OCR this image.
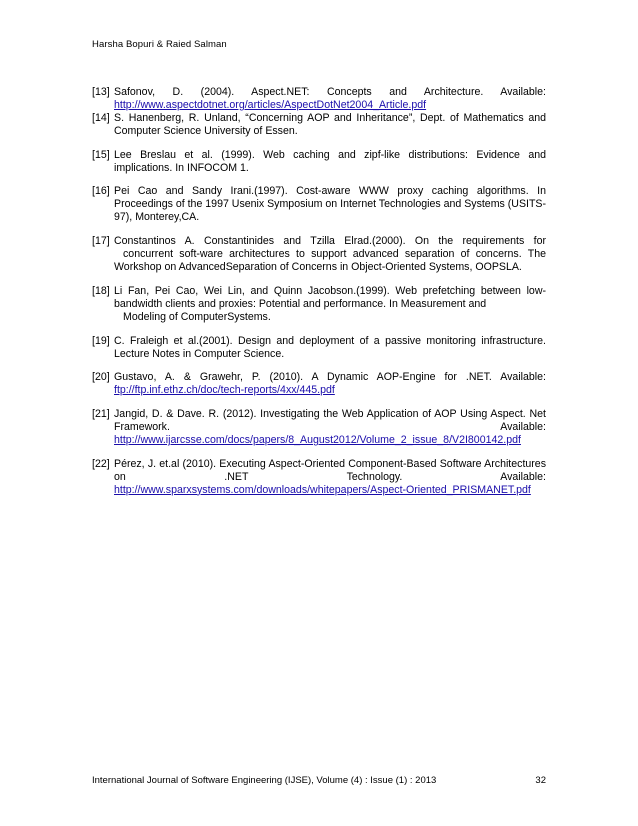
Harsha Bopuri & Raied Salman
[13] Safonov, D. (2004). Aspect.NET: Concepts and Architecture. Available:
http://www.aspectdotnet.org/articles/AspectDotNet2004_Article.pdf
[14] S. Hanenberg, R. Unland, “Concerning AOP and Inheritance”, Dept. of Mathematics and Computer Science University of Essen.
[15] Lee Breslau et al. (1999). Web caching and zipf-like distributions: Evidence and implications. In INFOCOM 1.
[16] Pei Cao and Sandy Irani.(1997). Cost-aware WWW proxy caching algorithms. In Proceedings of the 1997 Usenix Symposium on Internet Technologies and Systems (USITS-97), Monterey,CA.
[17] Constantinos A. Constantinides and Tzilla Elrad.(2000). On the requirements for
concurrent soft-ware architectures to support advanced separation of concerns. The
Workshop on AdvancedSeparation of Concerns in Object-Oriented Systems, OOPSLA.
[18] Li Fan, Pei Cao, Wei Lin, and Quinn Jacobson.(1999). Web prefetching between low-bandwidth clients and proxies: Potential and performance. In Measurement and
Modeling of ComputerSystems.
[19] C. Fraleigh et al.(2001). Design and deployment of a passive monitoring infrastructure. Lecture Notes in Computer Science.
[20] Gustavo, A. & Grawehr, P. (2010). A Dynamic AOP-Engine for .NET. Available:
ftp://ftp.inf.ethz.ch/doc/tech-reports/4xx/445.pdf
[21] Jangid, D. & Dave. R. (2012). Investigating the Web Application of AOP Using Aspect. Net
Framework. Available:
http://www.ijarcsse.com/docs/papers/8_August2012/Volume_2_issue_8/V2I800142.pdf
[22] Pérez, J. et.al (2010). Executing Aspect-Oriented Component-Based Software Architectures
on .NET Technology. Available:
http://www.sparxsystems.com/downloads/whitepapers/Aspect-Oriented_PRISMANET.pdf
International Journal of Software Engineering (IJSE), Volume (4) : Issue (1) : 2013	32
